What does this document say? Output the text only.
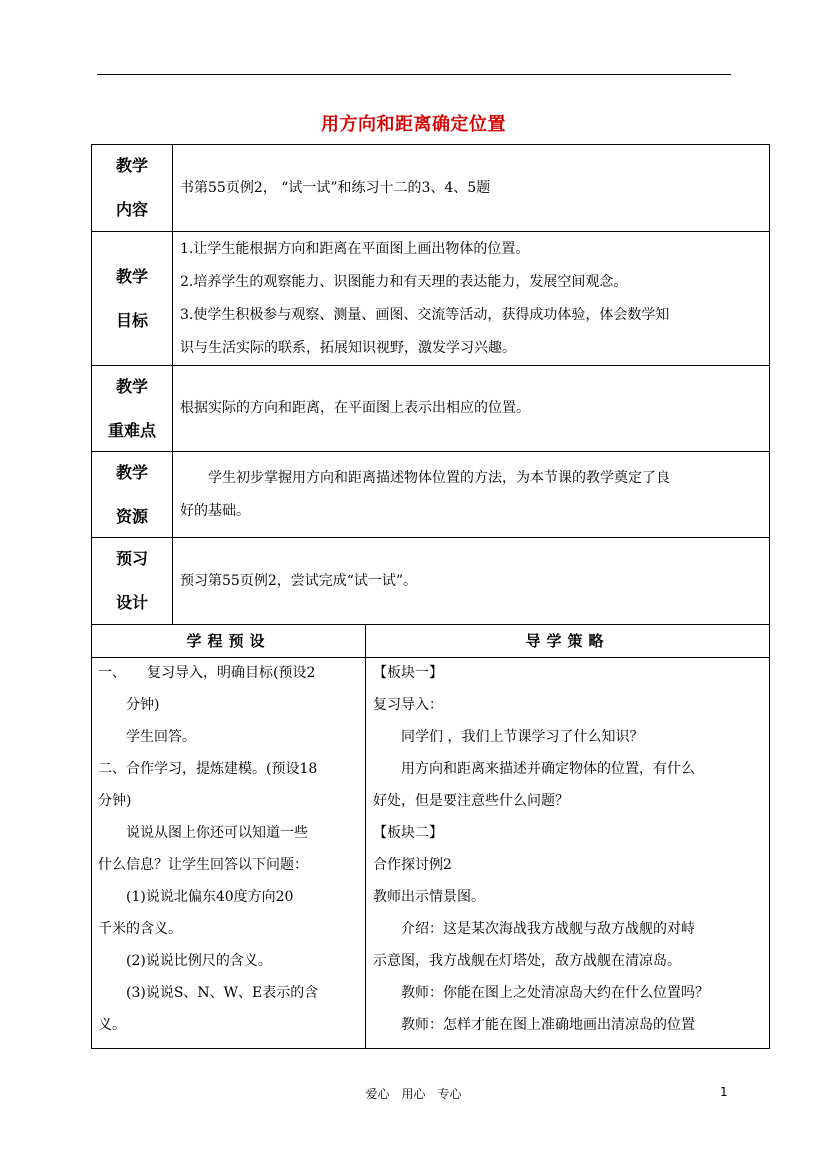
用方向和距离确定位置
教学
内容

书第55页例2， “试一试”和练习十二的3、4、5题

教学
目标

1.让学生能根据方向和距离在平面图上画出物体的位置。

2.培养学生的观察能力、识图能力和有天理的表达能力，发展空间观念。

3.使学生积极参与观察、测量、画图、交流等活动，获得成功体验，体会数学知

识与生活实际的联系，拓展知识视野，激发学习兴趣。

教学
重难点

根据实际的方向和距离，在平面图上表示出相应的位置。

教学
资源

学生初步掌握用方向和距离描述物体位置的方法，为本节课的教学奠定了良

好的基础。

预习
设计

预习第55页例2，尝试完成“试一试”。

学程预设	导学策略

一、　　复习导入，明确目标(预设2

　　分钟)

　　学生回答。

二、合作学习，提炼建模。(预设18

分钟)

　　说说从图上你还可以知道一些

什么信息？让学生回答以下问题：

　　(1)说说北偏东40度方向20

千米的含义。

　　(2)说说比例尺的含义。

　　(3)说说S、N、W、E表示的含

义。

【板块一】

复习导入：

　　同学们 ，我们上节课学习了什么知识？

　　用方向和距离来描述并确定物体的位置，有什么

好处，但是要注意些什么问题？

【板块二】

合作探讨例2

教师出示情景图。

　　介绍：这是某次海战我方战舰与敌方战舰的对峙

示意图，我方战舰在灯塔处，敌方战舰在清凉岛。

　　教师：你能在图上之处清凉岛大约在什么位置吗？

　　教师：怎样才能在图上准确地画出清凉岛的位置

爱心　用心　专心	1
